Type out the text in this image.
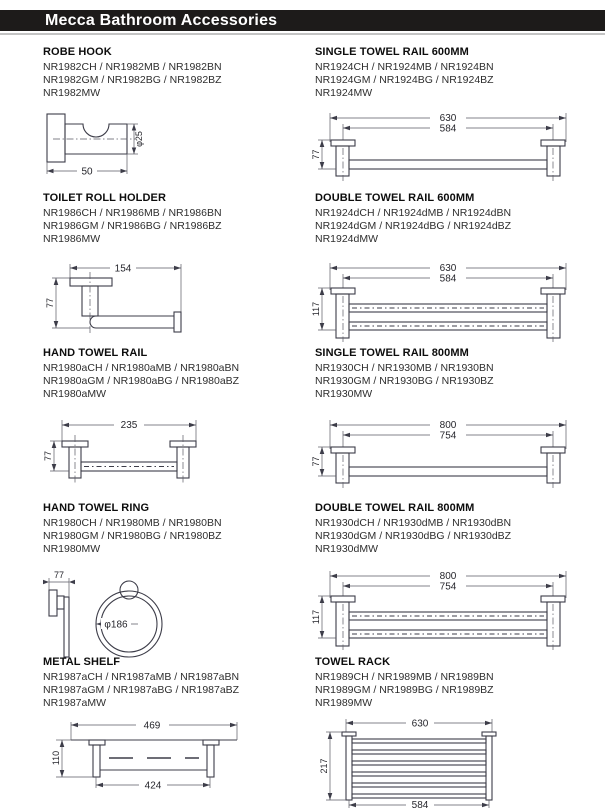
Mecca Bathroom Accessories
ROBE HOOK
NR1982CH / NR1982MB / NR1982BN
NR1982GM / NR1982BG / NR1982BZ
NR1982MW
50
φ25
SINGLE TOWEL RAIL 600MM
NR1924CH / NR1924MB / NR1924BN
NR1924GM / NR1924BG / NR1924BZ
NR1924MW
630
584
77
TOILET ROLL HOLDER
NR1986CH / NR1986MB / NR1986BN
NR1986GM / NR1986BG / NR1986BZ
NR1986MW
154
77
DOUBLE TOWEL RAIL 600MM
NR1924dCH / NR1924dMB / NR1924dBN
NR1924dGM / NR1924dBG / NR1924dBZ
NR1924dMW
630
584
117
HAND TOWEL RAIL
NR1980aCH / NR1980aMB / NR1980aBN
NR1980aGM / NR1980aBG / NR1980aBZ
NR1980aMW
235
77
SINGLE TOWEL RAIL 800MM
NR1930CH / NR1930MB / NR1930BN
NR1930GM / NR1930BG / NR1930BZ
NR1930MW
800
754
77
HAND TOWEL RING
NR1980CH / NR1980MB / NR1980BN
NR1980GM / NR1980BG / NR1980BZ
NR1980MW
77
φ186
DOUBLE TOWEL RAIL 800MM
NR1930dCH / NR1930dMB / NR1930dBN
NR1930dGM / NR1930dBG / NR1930dBZ
NR1930dMW
800
754
117
METAL SHELF
NR1987aCH / NR1987aMB / NR1987aBN
NR1987aGM / NR1987aBG / NR1987aBZ
NR1987aMW
469
424
110
TOWEL RACK
NR1989CH / NR1989MB / NR1989BN
NR1989GM / NR1989BG / NR1989BZ
NR1989MW
630
584
217
